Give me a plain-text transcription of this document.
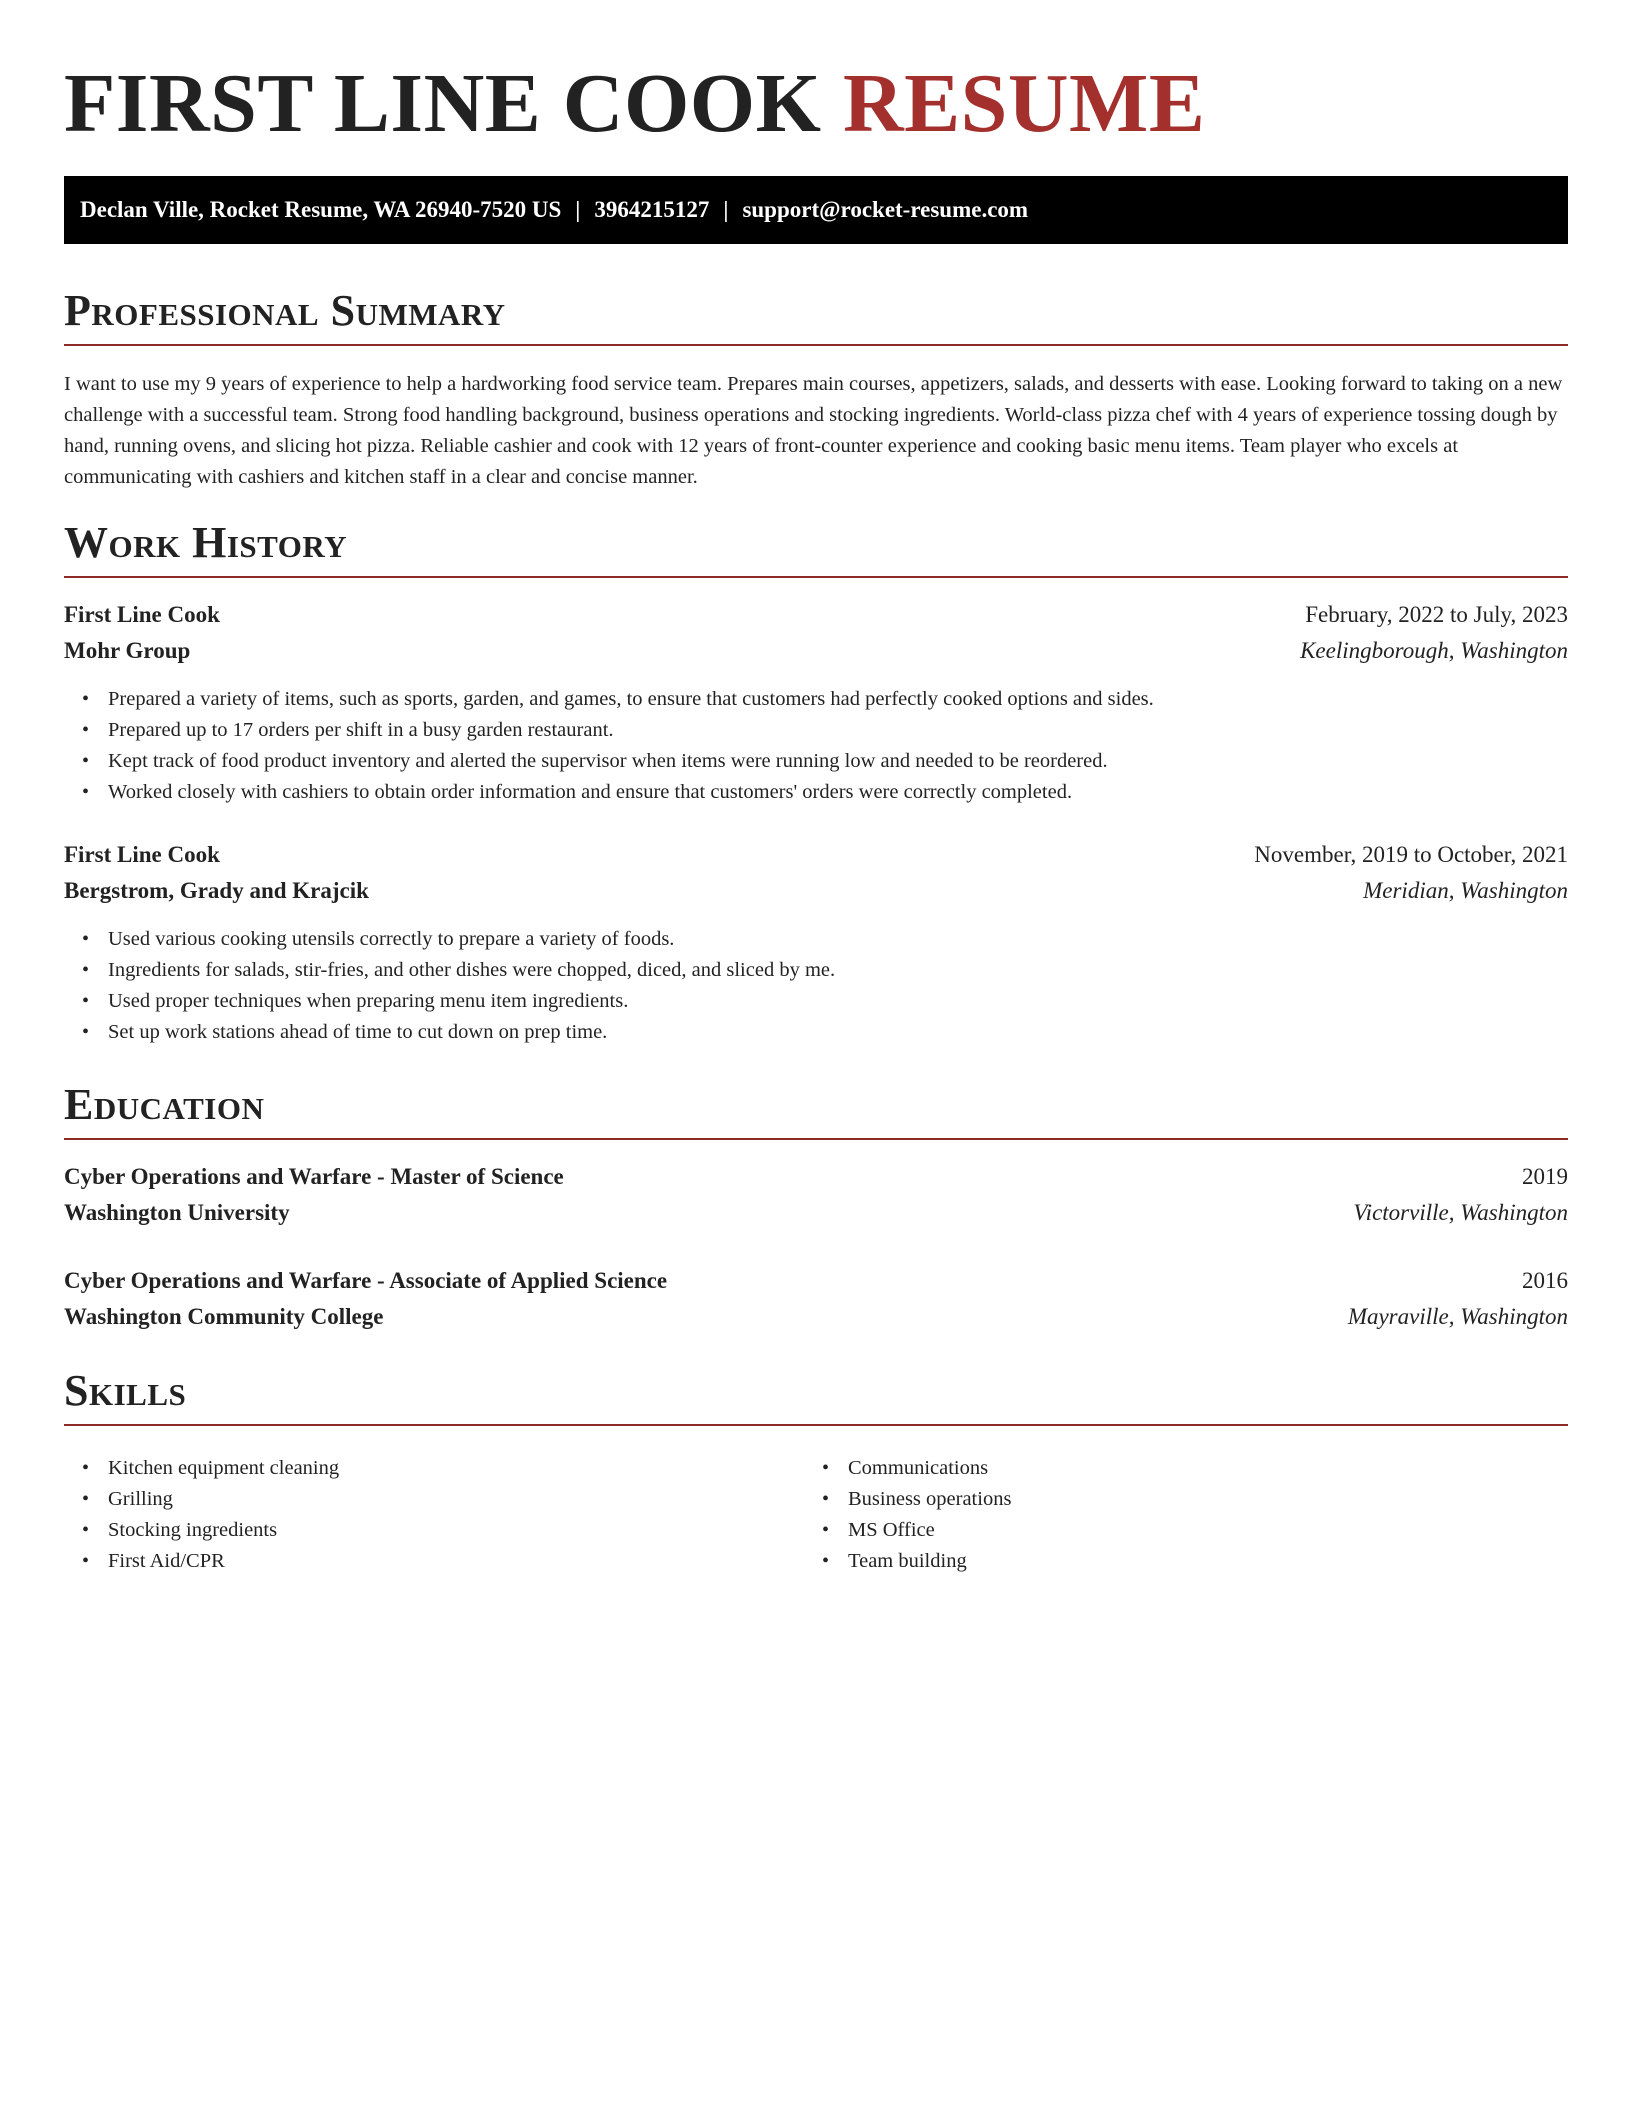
FIRST LINE COOK RESUME
Declan Ville, Rocket Resume, WA 26940-7520 US | 3964215127 | support@rocket-resume.com
Professional Summary

I want to use my 9 years of experience to help a hardworking food service team. Prepares main courses, appetizers, salads, and desserts with ease. Looking forward to taking on a new challenge with a successful team. Strong food handling background, business operations and stocking ingredients. World-class pizza chef with 4 years of experience tossing dough by hand, running ovens, and slicing hot pizza. Reliable cashier and cook with 12 years of front-counter experience and cooking basic menu items. Team player who excels at communicating with cashiers and kitchen staff in a clear and concise manner.

Work History
First Line Cook	February, 2022 to July, 2023
Mohr Group	Keelingborough, Washington
• Prepared a variety of items, such as sports, garden, and games, to ensure that customers had perfectly cooked options and sides.
• Prepared up to 17 orders per shift in a busy garden restaurant.
• Kept track of food product inventory and alerted the supervisor when items were running low and needed to be reordered.
• Worked closely with cashiers to obtain order information and ensure that customers' orders were correctly completed.
First Line Cook	November, 2019 to October, 2021
Bergstrom, Grady and Krajcik	Meridian, Washington
• Used various cooking utensils correctly to prepare a variety of foods.
• Ingredients for salads, stir-fries, and other dishes were chopped, diced, and sliced by me.
• Used proper techniques when preparing menu item ingredients.
• Set up work stations ahead of time to cut down on prep time.
Education
Cyber Operations and Warfare - Master of Science	2019
Washington University	Victorville, Washington
Cyber Operations and Warfare - Associate of Applied Science	2016
Washington Community College	Mayraville, Washington
Skills
• Kitchen equipment cleaning
• Grilling
• Stocking ingredients
• First Aid/CPR
• Communications
• Business operations
• MS Office
• Team building
